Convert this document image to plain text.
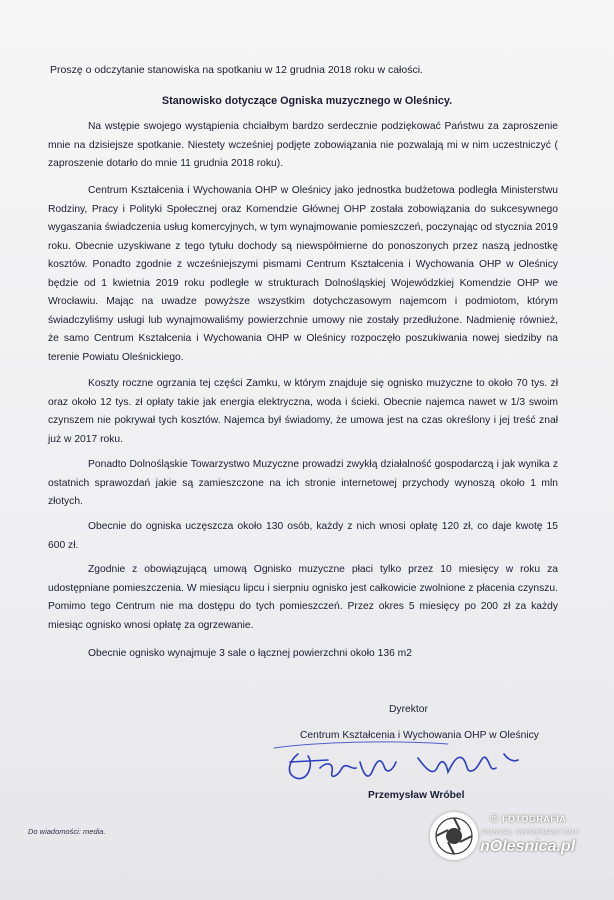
Proszę o odczytanie stanowiska na spotkaniu w 12 grudnia 2018 roku w całości.
Stanowisko dotyczące Ogniska muzycznego w Oleśnicy.
Na wstępie swojego wystąpienia chciałbym bardzo serdecznie podziękować Państwu za zaproszenie mnie na dzisiejsze spotkanie. Niestety wcześniej podjęte zobowiązania nie pozwalają mi w nim uczestniczyć ( zaproszenie dotarło do mnie 11 grudnia 2018 roku).
Centrum Kształcenia i Wychowania OHP w Oleśnicy jako jednostka budżetowa podległa Ministerstwu Rodziny, Pracy i Polityki Społecznej oraz Komendzie Głównej OHP została zobowiązania do sukcesywnego wygaszania świadczenia usług komercyjnych, w tym wynajmowanie pomieszczeń, poczynając od stycznia 2019 roku. Obecnie uzyskiwane z tego tytułu dochody są niewspółmierne do ponoszonych przez naszą jednostkę kosztów. Ponadto zgodnie z wcześniejszymi pismami Centrum Kształcenia i Wychowania OHP w Oleśnicy będzie od 1 kwietnia 2019 roku podległe w strukturach Dolnośląskiej Wojewódzkiej Komendzie OHP we Wrocławiu. Mając na uwadze powyższe wszystkim dotychczasowym najemcom i podmiotom, którym świadczyliśmy usługi lub wynajmowaliśmy powierzchnie umowy nie zostały przedłużone. Nadmienię również, że samo Centrum Kształcenia i Wychowania OHP w Oleśnicy rozpoczęło poszukiwania nowej siedziby na terenie Powiatu Oleśnickiego.
Koszty roczne ogrzania tej części Zamku, w którym znajduje się ognisko muzyczne to około 70 tys. zł oraz około 12 tys. zł opłaty takie jak energia elektryczna, woda i ścieki. Obecnie najemca nawet w 1/3 swoim czynszem nie pokrywał tych kosztów. Najemca był świadomy, że umowa jest na czas określony i jej treść znał już w 2017 roku.
Ponadto Dolnośląskie Towarzystwo Muzyczne prowadzi zwykłą działalność gospodarczą i jak wynika z ostatnich sprawozdań jakie są zamieszczone na ich stronie internetowej przychody wynoszą około 1 mln złotych.
Obecnie do ogniska uczęszcza około 130 osób, każdy z nich wnosi opłatę 120 zł, co daje kwotę 15 600 zł.
Zgodnie z obowiązującą umową Ognisko muzyczne płaci tylko przez 10 miesięcy w roku za udostępniane pomieszczenia. W miesiącu lipcu i sierpniu ognisko jest całkowicie zwolnione z płacenia czynszu. Pomimo tego Centrum nie ma dostępu do tych pomieszczeń. Przez okres 5 miesięcy po 200 zł za każdy miesiąc ognisko wnosi opłatę za ogrzewanie.
Obecnie ognisko wynajmuje 3 sale o łącznej powierzchni około 136 m2
Dyrektor
Centrum Kształcenia i Wychowania OHP w Oleśnicy
Przemysław Wróbel
Do wiadomości: media.
© FOTOGRAFIA
PORTAL INFORMACYJNY
nOlesnica.pl
